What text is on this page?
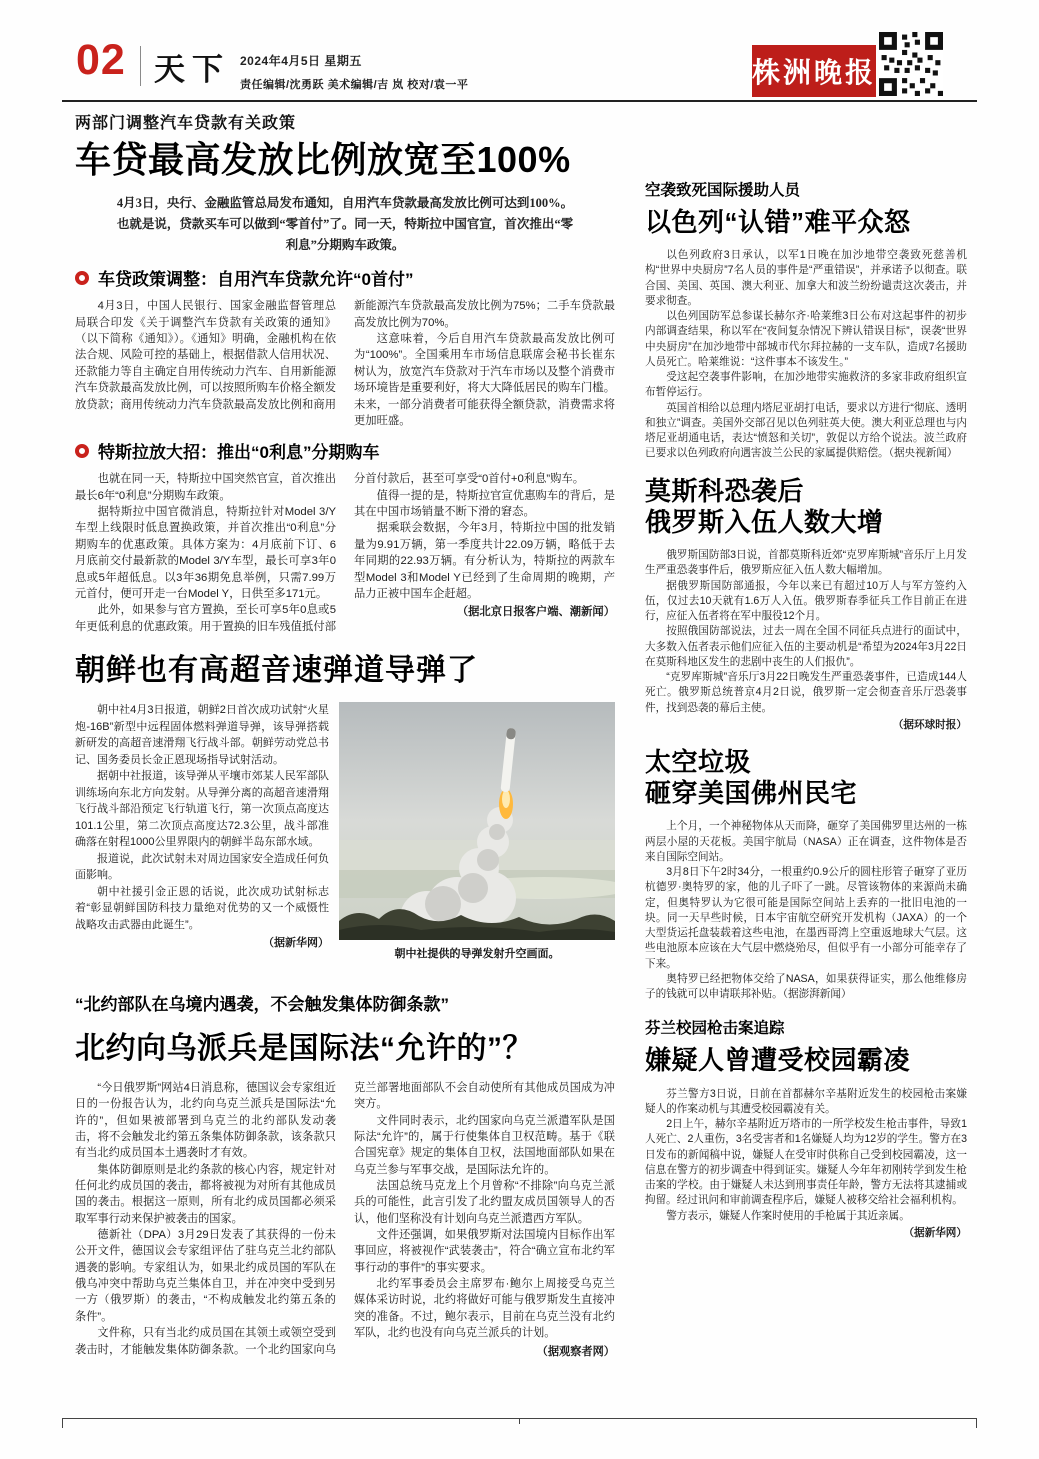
02 天下 2024年4月5日 星期五
责任编辑/沈勇跃 美术编辑/吉 岚 校对/袁一平	株洲晚报
两部门调整汽车贷款有关政策
车贷最高发放比例放宽至100%
4月3日，央行、金融监管总局发布通知，自用汽车贷款最高发放比例可达到100%。也就是说，贷款买车可以做到“零首付”了。同一天，特斯拉中国官宣，首次推出“零利息”分期购车政策。
车贷政策调整：自用汽车贷款允许“0首付”

4月3日，中国人民银行、国家金融监督管理总局联合印发《关于调整汽车贷款有关政策的通知》（以下简称《通知》）。《通知》明确，金融机构在依法合规、风险可控的基础上，根据借款人信用状况、还款能力等自主确定自用传统动力汽车、自用新能源汽车贷款最高发放比例，可以按照所购车价格全额发放贷款；商用传统动力汽车贷款最高发放比例和商用新能源汽车贷款最高发放比例为75%；二手车贷款最高发放比例为70%。

这意味着，今后自用汽车贷款最高发放比例可为“100%”。全国乘用车市场信息联席会秘书长崔东树认为，放宽汽车贷款对于汽车市场以及整个消费市场环境皆是重要利好，将大大降低居民的购车门槛。未来，一部分消费者可能获得全额贷款，消费需求将更加旺盛。

特斯拉放大招：推出“0利息”分期购车

也就在同一天，特斯拉中国突然官宣，首次推出最长6年“0利息”分期购车政策。

据特斯拉中国官微消息，特斯拉针对Model 3/Y车型上线限时低息置换政策，并首次推出“0利息”分期购车的优惠政策。具体方案为：4月底前下订、6月底前交付最新款的Model 3/Y车型，最长可享3年0息或5年超低息。以3年36期免息举例，只需7.99万元首付，便可开走一台Model Y，日供至多171元。

此外，如果参与官方置换，至长可享5年0息或5年更低利息的优惠政策。用于置换的旧车残值抵付部分首付款后，甚至可享受“0首付+0利息”购车。

值得一提的是，特斯拉官宣优惠购车的背后，是其在中国市场销量不断下滑的窘态。

据乘联会数据，今年3月，特斯拉中国的批发销量为9.91万辆，第一季度共计22.09万辆，略低于去年同期的22.93万辆。有分析认为，特斯拉的两款车型Model 3和Model Y已经到了生命周期的晚期，产品力正被中国车企赶超。

（据北京日报客户端、潮新闻）

朝鲜也有高超音速弹道导弹了

朝中社4月3日报道，朝鲜2日首次成功试射“火星炮-16B”新型中远程固体燃料弹道导弹，该导弹搭载新研发的高超音速滑翔飞行战斗部。朝鲜劳动党总书记、国务委员长金正恩现场指导试射活动。

据朝中社报道，该导弹从平壤市郊某人民军部队训练场向东北方向发射。从导弹分离的高超音速滑翔飞行战斗部沿预定飞行轨道飞行，第一次顶点高度达101.1公里，第二次顶点高度达72.3公里，战斗部准确落在射程1000公里界限内的朝鲜半岛东部水域。

报道说，此次试射未对周边国家安全造成任何负面影响。

朝中社援引金正恩的话说，此次成功试射标志着“彰显朝鲜国防科技力量绝对优势的又一个威慑性战略攻击武器由此诞生”。

（据新华网）

朝中社提供的导弹发射升空画面。
“北约部队在乌境内遇袭，不会触发集体防御条款”
北约向乌派兵是国际法“允许的”？

“今日俄罗斯”网站4日消息称，德国议会专家组近日的一份报告认为，北约向乌克兰派兵是国际法“允许的”，但如果被部署到乌克兰的北约部队发动袭击，将不会触发北约第五条集体防御条款，该条款只有当北约成员国本土遇袭时才有效。

集体防御原则是北约条款的核心内容，规定针对任何北约成员国的袭击，都将被视为对所有其他成员国的袭击。根据这一原则，所有北约成员国都必须采取军事行动来保护被袭击的国家。

德新社（DPA）3月29日发表了其获得的一份未公开文件，德国议会专家组评估了驻乌克兰北约部队遇袭的影响。专家组认为，如果北约成员国的军队在俄乌冲突中帮助乌克兰集体自卫，并在冲突中受到另一方（俄罗斯）的袭击，“不构成触发北约第五条的条件”。

文件称，只有当北约成员国在其领土或领空受到袭击时，才能触发集体防御条款。一个北约国家向乌克兰部署地面部队不会自动使所有其他成员国成为冲突方。

文件同时表示，北约国家向乌克兰派遣军队是国际法“允许”的，属于行使集体自卫权范畴。基于《联合国宪章》规定的集体自卫权，法国地面部队如果在乌克兰参与军事交战，是国际法允许的。

法国总统马克龙上个月曾称“不排除”向乌克兰派兵的可能性，此言引发了北约盟友成员国领导人的否认，他们坚称没有计划向乌克兰派遣西方军队。

文件还强调，如果俄罗斯对法国境内目标作出军事回应，将被视作“武装袭击”，符合“确立宣布北约军事行动的事件”的事实要求。

北约军事委员会主席罗布·鲍尔上周接受乌克兰媒体采访时说，北约将做好可能与俄罗斯发生直接冲突的准备。不过，鲍尔表示，目前在乌克兰没有北约军队，北约也没有向乌克兰派兵的计划。

（据观察者网）

空袭致死国际援助人员
以色列“认错”难平众怒

以色列政府3日承认，以军1日晚在加沙地带空袭致死慈善机构“世界中央厨房”7名人员的事件是“严重错误”，并承诺予以彻查。联合国、美国、英国、澳大利亚、加拿大和波兰纷纷谴责这次袭击，并要求彻查。

以色列国防军总参谋长赫尔齐·哈莱维3日公布对这起事件的初步内部调查结果，称以军在“夜间复杂情况下辨认错误目标”，误袭“世界中央厨房”在加沙地带中部城市代尔拜拉赫的一支车队，造成7名援助人员死亡。哈莱维说：“这件事本不该发生。”

受这起空袭事件影响，在加沙地带实施救济的多家非政府组织宣布暂停运行。

英国首相给以总理内塔尼亚胡打电话，要求以方进行“彻底、透明和独立”调查。美国外交部召见以色列驻英大使。澳大利亚总理也与内塔尼亚胡通电话，表达“愤怒和关切”，敦促以方给个说法。波兰政府已要求以色列政府向遇害波兰公民的家属提供赔偿。（据央视新闻）

莫斯科恐袭后
俄罗斯入伍人数大增

俄罗斯国防部3日说，首都莫斯科近郊“克罗库斯城”音乐厅上月发生严重恐袭事件后，俄罗斯应征入伍人数大幅增加。

据俄罗斯国防部通报，今年以来已有超过10万人与军方签约入伍，仅过去10天就有1.6万人入伍。俄罗斯春季征兵工作目前正在进行，应征入伍者将在军中服役12个月。

按照俄国防部说法，过去一周在全国不同征兵点进行的面试中，大多数入伍者表示他们应征入伍的主要动机是“希望为2024年3月22日在莫斯科地区发生的悲剧中丧生的人们报仇”。

“克罗库斯城”音乐厅3月22日晚发生严重恐袭事件，已造成144人死亡。俄罗斯总统普京4月2日说，俄罗斯一定会彻查音乐厅恐袭事件，找到恐袭的幕后主使。

（据环球时报）
太空垃圾
砸穿美国佛州民宅

上个月，一个神秘物体从天而降，砸穿了美国佛罗里达州的一栋两层小屋的天花板。美国宇航局（NASA）正在调查，这件物体是否来自国际空间站。

3月8日下午2时34分，一根重约0.9公斤的圆柱形管子砸穿了亚历杭德罗·奥特罗的家，他的儿子吓了一跳。尽管该物体的来源尚未确定，但奥特罗认为它很可能是国际空间站上丢弃的一批旧电池的一块。同一天早些时候，日本宇宙航空研究开发机构（JAXA）的一个大型货运托盘装载着这些电池，在墨西哥湾上空重返地球大气层。这些电池原本应该在大气层中燃烧殆尽，但似乎有一小部分可能幸存了下来。

奥特罗已经把物体交给了NASA，如果获得证实，那么他维修房子的钱就可以申请联邦补贴。（据澎湃新闻）

芬兰校园枪击案追踪
嫌疑人曾遭受校园霸凌

芬兰警方3日说，日前在首都赫尔辛基附近发生的校园枪击案嫌疑人的作案动机与其遭受校园霸凌有关。

2日上午，赫尔辛基附近万塔市的一所学校发生枪击事件，导致1人死亡、2人重伤，3名受害者和1名嫌疑人均为12岁的学生。警方在3日发布的新闻稿中说，嫌疑人在受审时供称自己受到校园霸凌，这一信息在警方的初步调查中得到证实。嫌疑人今年年初刚转学到发生枪击案的学校。由于嫌疑人未达到刑事责任年龄，警方无法将其逮捕或拘留。经过讯问和审前调查程序后，嫌疑人被移交给社会福利机构。

警方表示，嫌疑人作案时使用的手枪属于其近亲属。

（据新华网）
